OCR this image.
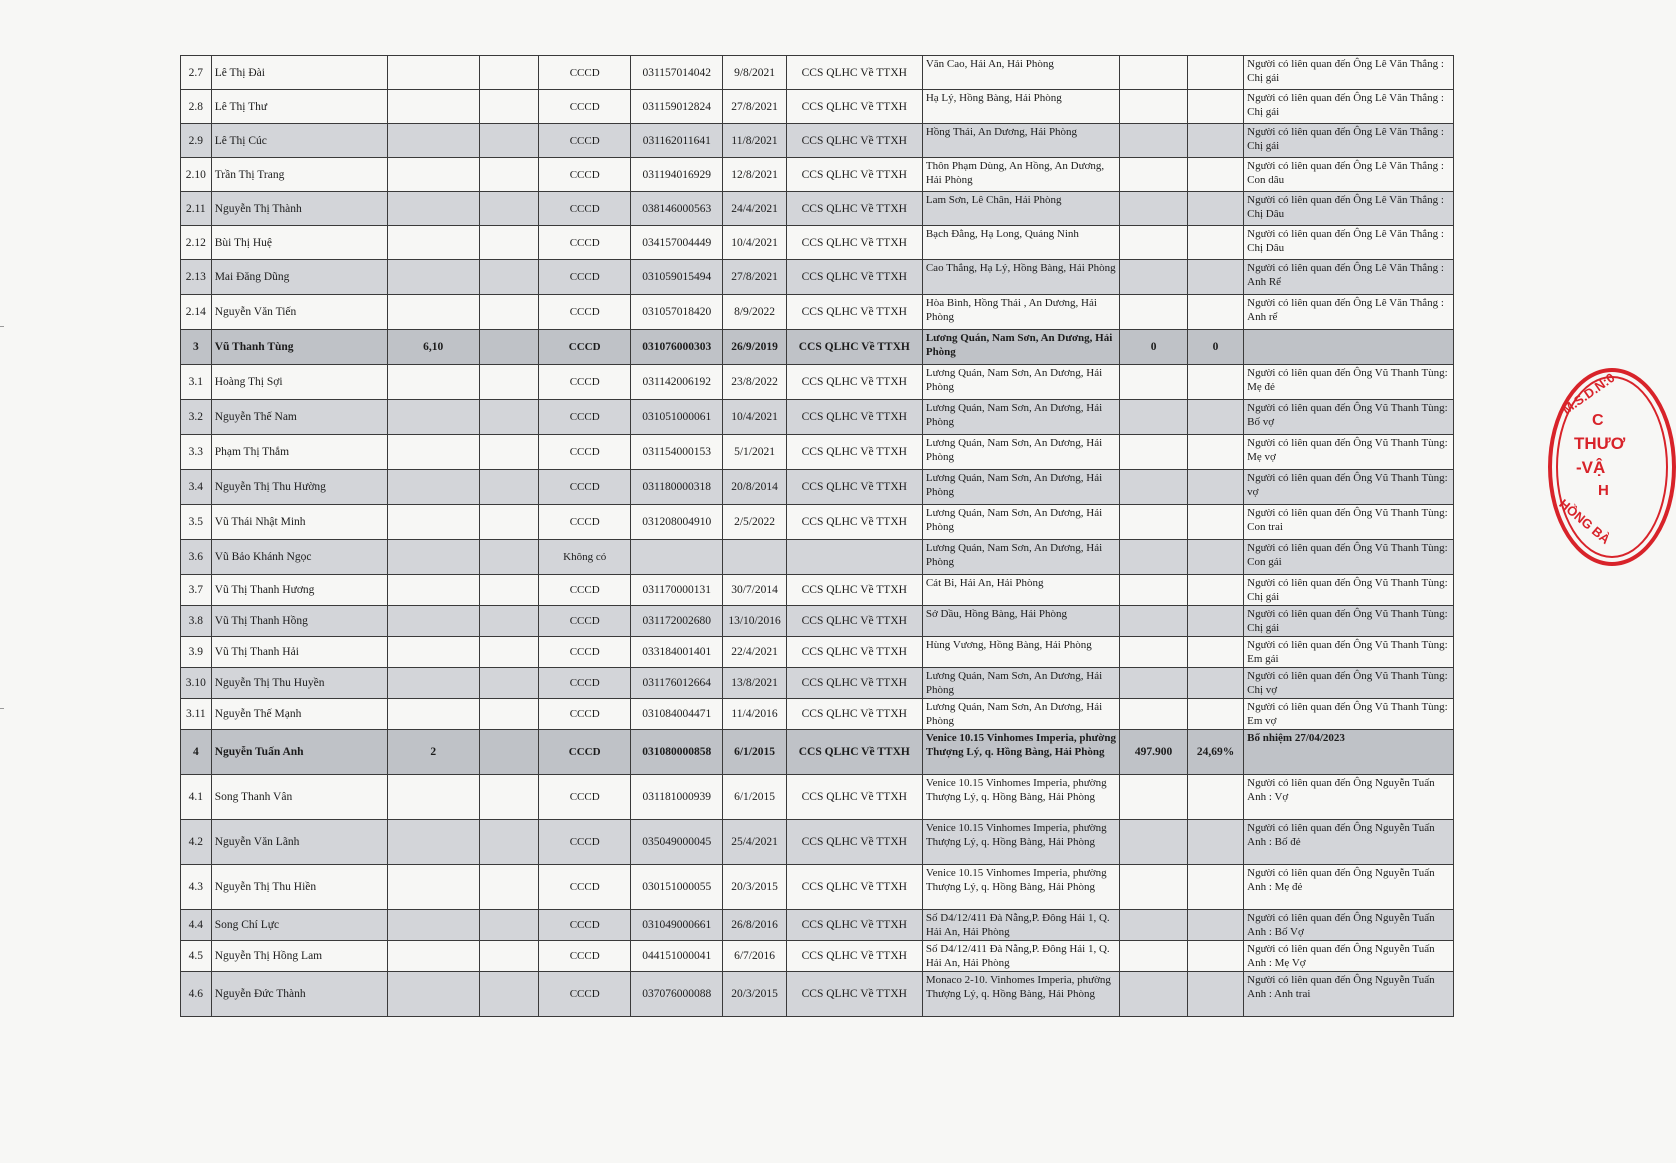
2.7	Lê Thị Đài			CCCD	031157014042	9/8/2021	CCS QLHC Về TTXH	Văn Cao, Hải An, Hải Phòng			Người có liên quan đến Ông Lê Văn Thắng : Chị gái
2.8	Lê Thị Thư			CCCD	031159012824	27/8/2021	CCS QLHC Về TTXH	Hạ Lý, Hồng Bàng, Hải Phòng			Người có liên quan đến Ông Lê Văn Thắng : Chị gái
2.9	Lê Thị Cúc			CCCD	031162011641	11/8/2021	CCS QLHC Về TTXH	Hồng Thái, An Dương, Hải Phòng			Người có liên quan đến Ông Lê Văn Thắng : Chị gái
2.10	Trần Thị Trang			CCCD	031194016929	12/8/2021	CCS QLHC Về TTXH	Thôn Phạm Dùng, An Hồng, An Dương, Hải Phòng			Người có liên quan đến Ông Lê Văn Thắng : Con dâu
2.11	Nguyễn Thị Thành			CCCD	038146000563	24/4/2021	CCS QLHC Về TTXH	Lam Sơn, Lê Chân, Hải Phòng			Người có liên quan đến Ông Lê Văn Thắng : Chị Dâu
2.12	Bùi Thị Huệ			CCCD	034157004449	10/4/2021	CCS QLHC Về TTXH	Bạch Đằng, Hạ Long, Quảng Ninh			Người có liên quan đến Ông Lê Văn Thắng : Chị Dâu
2.13	Mai Đăng Dũng			CCCD	031059015494	27/8/2021	CCS QLHC Về TTXH	Cao Thắng, Hạ Lý, Hồng Bàng, Hải Phòng			Người có liên quan đến Ông Lê Văn Thắng : Anh Rể
2.14	Nguyễn Văn Tiến			CCCD	031057018420	8/9/2022	CCS QLHC Về TTXH	Hòa Bình, Hồng Thái , An Dương, Hải Phòng			Người có liên quan đến Ông Lê Văn Thắng : Anh rể
3	Vũ Thanh Tùng	6,10		CCCD	031076000303	26/9/2019	CCS QLHC Về TTXH	Lương Quán, Nam Sơn, An Dương, Hải Phòng	0	0	
3.1	Hoàng Thị Sợi			CCCD	031142006192	23/8/2022	CCS QLHC Về TTXH	Lương Quán, Nam Sơn, An Dương, Hải Phòng			Người có liên quan đến Ông Vũ Thanh Tùng: Mẹ đẻ
3.2	Nguyễn Thế Nam			CCCD	031051000061	10/4/2021	CCS QLHC Về TTXH	Lương Quán, Nam Sơn, An Dương, Hải Phòng			Người có liên quan đến Ông Vũ Thanh Tùng: Bố vợ
3.3	Phạm Thị Thắm			CCCD	031154000153	5/1/2021	CCS QLHC Về TTXH	Lương Quán, Nam Sơn, An Dương, Hải Phòng			Người có liên quan đến Ông Vũ Thanh Tùng: Mẹ vợ
3.4	Nguyễn Thị Thu Hường			CCCD	031180000318	20/8/2014	CCS QLHC Về TTXH	Lương Quán, Nam Sơn, An Dương, Hải Phòng			Người có liên quan đến Ông Vũ Thanh Tùng: vợ
3.5	Vũ Thái Nhật Minh			CCCD	031208004910	2/5/2022	CCS QLHC Về TTXH	Lương Quán, Nam Sơn, An Dương, Hải Phòng			Người có liên quan đến Ông Vũ Thanh Tùng: Con trai
3.6	Vũ Bảo Khánh Ngọc			Không có				Lương Quán, Nam Sơn, An Dương, Hải Phòng			Người có liên quan đến Ông Vũ Thanh Tùng: Con gái
3.7	Vũ Thị Thanh Hương			CCCD	031170000131	30/7/2014	CCS QLHC Về TTXH	Cát Bi, Hải An, Hải Phòng			Người có liên quan đến Ông Vũ Thanh Tùng: Chị gái
3.8	Vũ Thị Thanh Hồng			CCCD	031172002680	13/10/2016	CCS QLHC Về TTXH	Sở Dầu, Hồng Bàng, Hải Phòng			Người có liên quan đến Ông Vũ Thanh Tùng: Chị gái
3.9	Vũ Thị Thanh Hải			CCCD	033184001401	22/4/2021	CCS QLHC Về TTXH	Hùng Vương, Hồng Bàng, Hải Phòng			Người có liên quan đến Ông Vũ Thanh Tùng: Em gái
3.10	Nguyễn Thị Thu Huyền			CCCD	031176012664	13/8/2021	CCS QLHC Về TTXH	Lương Quán, Nam Sơn, An Dương, Hải Phòng			Người có liên quan đến Ông Vũ Thanh Tùng: Chị vợ
3.11	Nguyễn Thế Mạnh			CCCD	031084004471	11/4/2016	CCS QLHC Về TTXH	Lương Quán, Nam Sơn, An Dương, Hải Phòng			Người có liên quan đến Ông Vũ Thanh Tùng: Em vợ
4	Nguyễn Tuấn Anh	2		CCCD	031080000858	6/1/2015	CCS QLHC Về TTXH	Venice 10.15 Vinhomes Imperia, phường Thượng Lý, q. Hồng Bàng, Hải Phòng	497.900	24,69%	Bổ nhiệm 27/04/2023
4.1	Song Thanh Vân			CCCD	031181000939	6/1/2015	CCS QLHC Về TTXH	Venice 10.15 Vinhomes Imperia, phường Thượng Lý, q. Hồng Bàng, Hải Phòng			Người có liên quan đến Ông Nguyễn Tuấn Anh : Vợ
4.2	Nguyễn Văn Lãnh			CCCD	035049000045	25/4/2021	CCS QLHC Về TTXH	Venice 10.15 Vinhomes Imperia, phường Thượng Lý, q. Hồng Bàng, Hải Phòng			Người có liên quan đến Ông Nguyễn Tuấn Anh : Bố đẻ
4.3	Nguyễn Thị Thu Hiền			CCCD	030151000055	20/3/2015	CCS QLHC Về TTXH	Venice 10.15 Vinhomes Imperia, phường Thượng Lý, q. Hồng Bàng, Hải Phòng			Người có liên quan đến Ông Nguyễn Tuấn Anh : Mẹ đẻ
4.4	Song Chí Lực			CCCD	031049000661	26/8/2016	CCS QLHC Về TTXH	Số D4/12/411 Đà Nẵng,P. Đông Hải 1, Q. Hải An, Hải Phòng			Người có liên quan đến Ông Nguyễn Tuấn Anh : Bố Vợ
4.5	Nguyễn Thị Hồng Lam			CCCD	044151000041	6/7/2016	CCS QLHC Về TTXH	Số D4/12/411 Đà Nẵng,P. Đông Hải 1, Q. Hải An, Hải Phòng			Người có liên quan đến Ông Nguyễn Tuấn Anh : Mẹ Vợ
4.6	Nguyễn Đức Thành			CCCD	037076000088	20/3/2015	CCS QLHC Về TTXH	Monaco 2-10. Vinhomes Imperia, phường Thượng Lý, q. Hồng Bàng, Hải Phòng			Người có liên quan đến Ông Nguyễn Tuấn Anh : Anh trai
M.S.D.N:0
C
THƯƠ
-VẬ
H
HỒNG BÀ
